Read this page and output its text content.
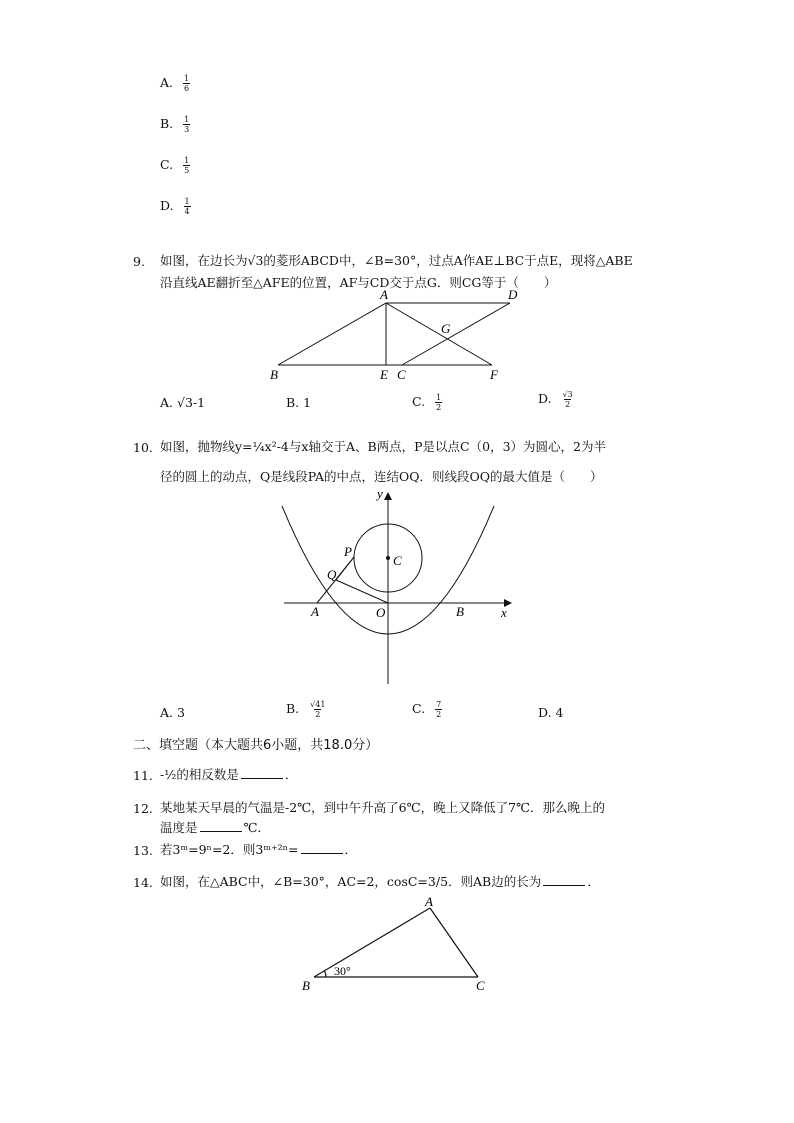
A. $\frac{1}{6}$
B. $\frac{1}{3}$
C. $\frac{1}{5}$
D. $\frac{1}{4}$
9. 如图，在边长为√3的菱形ABCD中，∠B=30°，过点A作AE⊥BC于点E，现将△ABE
沿直线AE翻折至△AFE的位置，AF与CD交于点G．则CG等于（　　）
A	D
G
B	E C	F
A. √3-1	B. 1	C. $\frac{1}{2}$	D. $\frac{√3}{2}$
10. 如图，抛物线y=¼x²-4与x轴交于A、B两点，P是以点C（0，3）为圆心，2为半
径的圆上的动点，Q是线段PA的中点，连结OQ．则线段OQ的最大值是（　　）
y
P
C
Q
A	O	B	x
A. 3	B. $\frac{√41}{2}$	C. $\frac{7}{2}$	D. 4
二、填空题（本大题共6小题，共18.0分）
11. -½的相反数是	．
12. 某地某天早晨的气温是-2℃，到中午升高了6℃，晚上又降低了7℃．那么晚上的
温度是	℃．
13. 若3ᵐ=9ⁿ=2．则3ᵐ⁺²ⁿ=	．
14. 如图，在△ABC中，∠B=30°，AC=2，cosC=3/5．则AB边的长为	．
A
B	C
30°
